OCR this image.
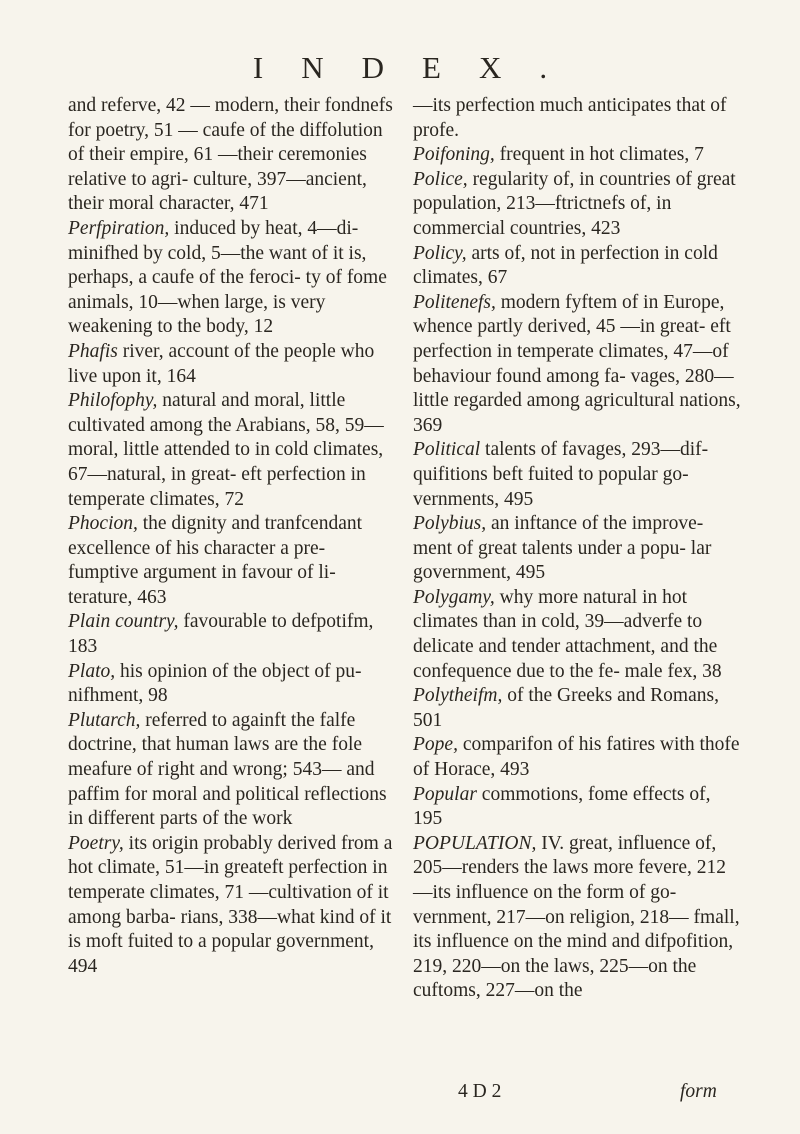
INDEX.

and referve, 42 — modern, their fondnefs for poetry, 51 — caufe of the diffolution of their empire, 61 —their ceremonies relative to agri- culture, 397—ancient, their moral character, 471

Perfpiration, induced by heat, 4—di- minifhed by cold, 5—the want of it is, perhaps, a caufe of the feroci- ty of fome animals, 10—when large, is very weakening to the body, 12

Phafis river, account of the people who live upon it, 164

Philofophy, natural and moral, little cultivated among the Arabians, 58, 59—moral, little attended to in cold climates, 67—natural, in great- eft perfection in temperate climates, 72

Phocion, the dignity and tranfcendant excellence of his character a pre- fumptive argument in favour of li- terature, 463

Plain country, favourable to defpotifm, 183

Plato, his opinion of the object of pu- nifhment, 98

Plutarch, referred to againft the falfe doctrine, that human laws are the fole meafure of right and wrong; 543— and paffim for moral and political reflections in different parts of the work

Poetry, its origin probably derived from a hot climate, 51—in greateft perfection in temperate climates, 71 —cultivation of it among barba- rians, 338—what kind of it is moft fuited to a popular government, 494

—its perfection much anticipates that of profe.

Poifoning, frequent in hot climates, 7

Police, regularity of, in countries of great population, 213—ftrictnefs of, in commercial countries, 423

Policy, arts of, not in perfection in cold climates, 67

Politenefs, modern fyftem of in Europe, whence partly derived, 45 —in great- eft perfection in temperate climates, 47—of behaviour found among fa- vages, 280—little regarded among agricultural nations, 369

Political talents of favages, 293—dif- quifitions beft fuited to popular go- vernments, 495

Polybius, an inftance of the improve- ment of great talents under a popu- lar government, 495

Polygamy, why more natural in hot climates than in cold, 39—adverfe to delicate and tender attachment, and the confequence due to the fe- male fex, 38

Polytheifm, of the Greeks and Romans, 501

Pope, comparifon of his fatires with thofe of Horace, 493

Popular commotions, fome effects of, 195

POPULATION, IV. great, influence of, 205—renders the laws more fevere, 212—its influence on the form of go- vernment, 217—on religion, 218— fmall, its influence on the mind and difpofition, 219, 220—on the laws, 225—on the cuftoms, 227—on the

4 D 2	form
